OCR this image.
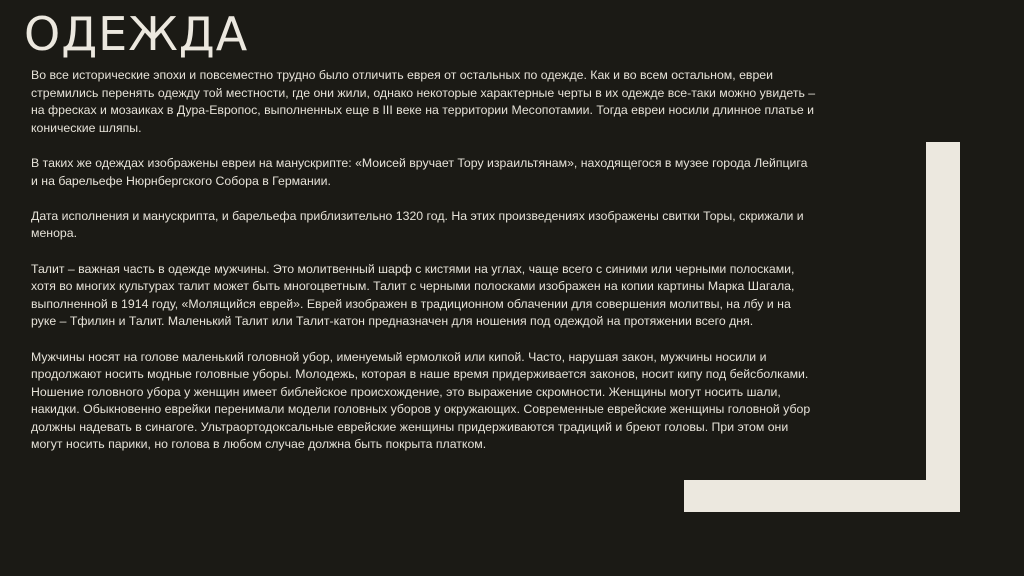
ОДЕЖДА

Во все исторические эпохи и повсеместно трудно было отличить еврея от остальных по одежде. Как и во всем остальном, евреи стремились перенять одежду той местности, где они жили, однако некоторые характерные черты в их одежде все-таки можно увидеть – на фресках и мозаиках в Дура-Европос, выполненных еще в III веке на территории Месопотамии. Тогда евреи носили длинное платье и конические шляпы.

В таких же одеждах изображены евреи на манускрипте: «Моисей вручает Тору израильтянам», находящегося в музее города Лейпцига и на барельефе Нюрнбергского Собора в Германии.

Дата исполнения и манускрипта, и барельефа приблизительно 1320 год. На этих произведениях изображены свитки Торы, скрижали и менора.

Талит – важная часть в одежде мужчины. Это молитвенный шарф с кистями на углах, чаще всего с синими или черными полосками, хотя во многих культурах талит может быть многоцветным. Талит с черными полосками изображен на копии картины Марка Шагала, выполненной в 1914 году, «Молящийся еврей». Еврей изображен в традиционном облачении для совершения молитвы, на лбу и на руке – Тфилин и Талит. Маленький Талит или Талит-катон предназначен для ношения под одеждой на протяжении всего дня.

Мужчины носят на голове маленький головной убор, именуемый ермолкой или кипой. Часто, нарушая закон, мужчины носили и продолжают носить модные головные уборы. Молодежь, которая в наше время придерживается законов, носит кипу под бейсболками. Ношение головного убора у женщин имеет библейское происхождение, это выражение скромности. Женщины могут носить шали, накидки. Обыкновенно еврейки перенимали модели головных уборов у окружающих. Современные еврейские женщины головной убор должны надевать в синагоге. Ультраортодоксальные еврейские женщины придерживаются традиций и бреют головы. При этом они могут носить парики, но голова в любом случае должна быть покрыта платком.
